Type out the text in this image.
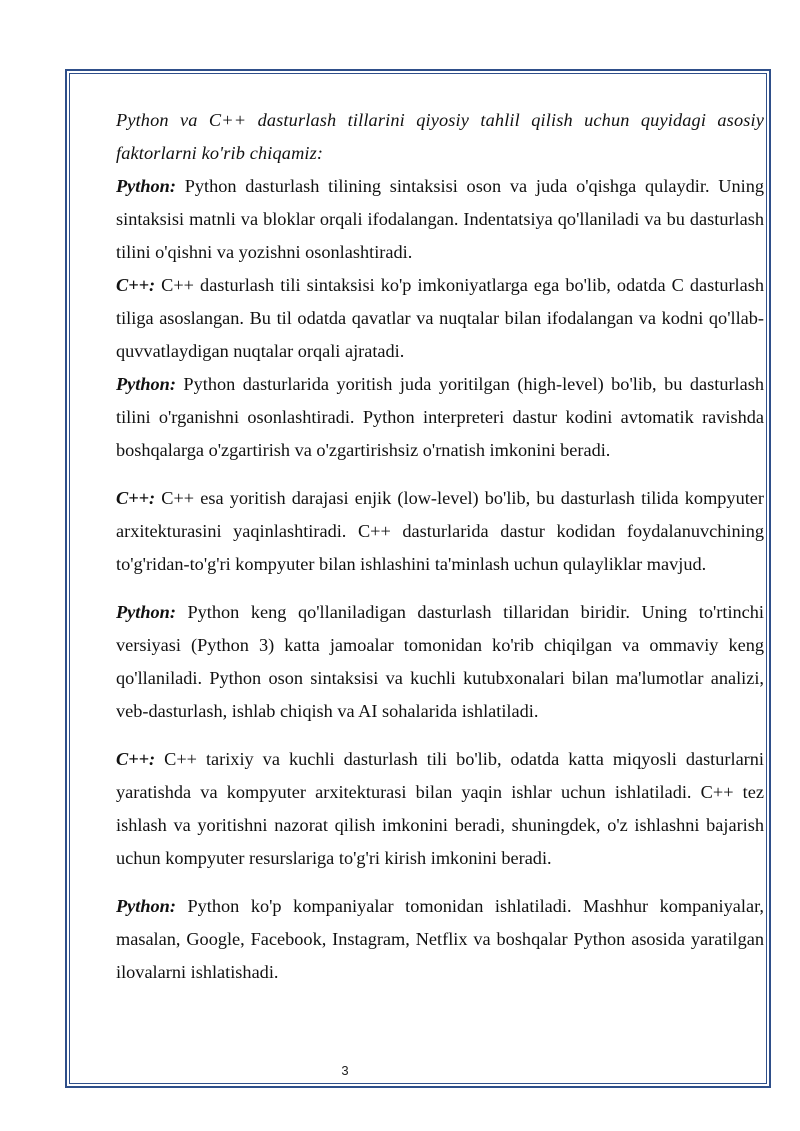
Python va C++ dasturlash tillarini qiyosiy tahlil qilish uchun quyidagi asosiy faktorlarni ko'rib chiqamiz:

Python: Python dasturlash tilining sintaksisi oson va juda o'qishga qulaydir. Uning sintaksisi matnli va bloklar orqali ifodalangan. Indentatsiya qo'llaniladi va bu dasturlash tilini o'qishni va yozishni osonlashtiradi.

C++: C++ dasturlash tili sintaksisi ko'p imkoniyatlarga ega bo'lib, odatda C dasturlash tiliga asoslangan. Bu til odatda qavatlar va nuqtalar bilan ifodalangan va kodni qo'llab-quvvatlaydigan nuqtalar orqali ajratadi.

Python: Python dasturlarida yoritish juda yoritilgan (high-level) bo'lib, bu dasturlash tilini o'rganishni osonlashtiradi. Python interpreteri dastur kodini avtomatik ravishda boshqalarga o'zgartirish va o'zgartirishsiz o'rnatish imkonini beradi.

C++: C++ esa yoritish darajasi enjik (low-level) bo'lib, bu dasturlash tilida kompyuter arxitekturasini yaqinlashtiradi. C++ dasturlarida dastur kodidan foydalanuvchining to'g'ridan-to'g'ri kompyuter bilan ishlashini ta'minlash uchun qulayliklar mavjud.

Python: Python keng qo'llaniladigan dasturlash tillaridan biridir. Uning to'rtinchi versiyasi (Python 3) katta jamoalar tomonidan ko'rib chiqilgan va ommaviy keng qo'llaniladi. Python oson sintaksisi va kuchli kutubxonalari bilan ma'lumotlar analizi, veb-dasturlash, ishlab chiqish va AI sohalarida ishlatiladi.

C++: C++ tarixiy va kuchli dasturlash tili bo'lib, odatda katta miqyosli dasturlarni yaratishda va kompyuter arxitekturasi bilan yaqin ishlar uchun ishlatiladi. C++ tez ishlash va yoritishni nazorat qilish imkonini beradi, shuningdek, o'z ishlashni bajarish uchun kompyuter resurslariga to'g'ri kirish imkonini beradi.

Python: Python ko'p kompaniyalar tomonidan ishlatiladi. Mashhur kompaniyalar, masalan, Google, Facebook, Instagram, Netflix va boshqalar Python asosida yaratilgan ilovalarni ishlatishadi.

3
